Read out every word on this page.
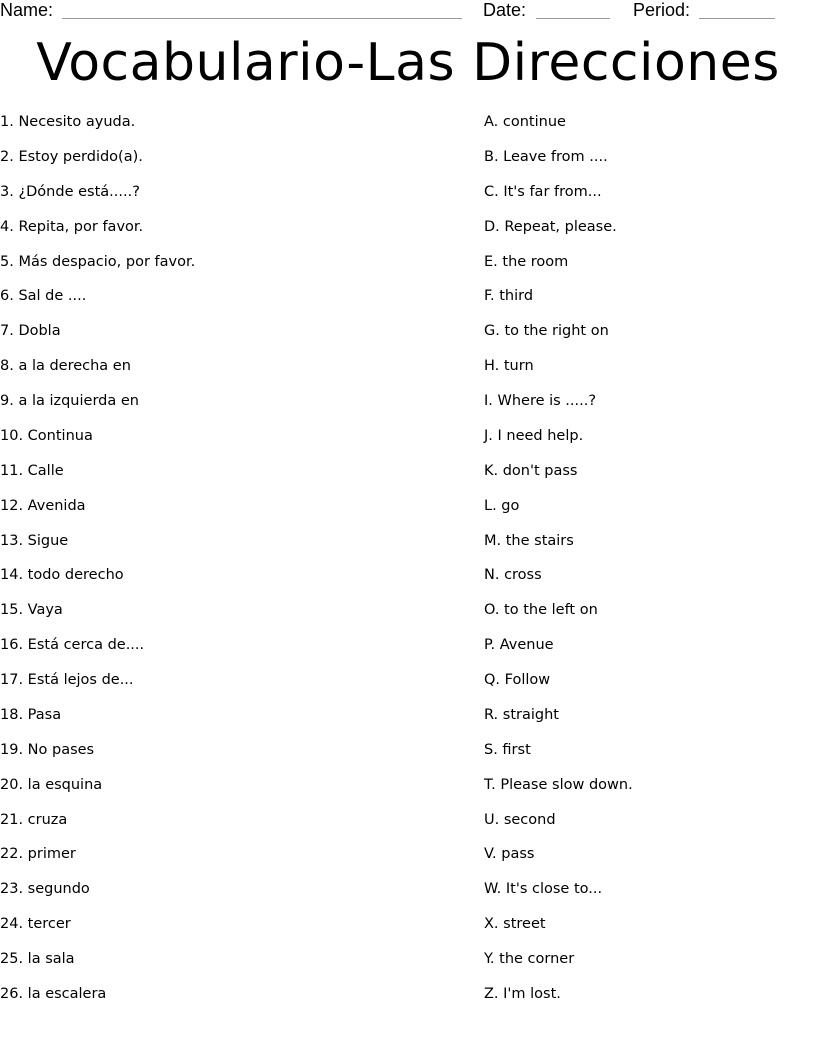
Name:	Date:	Period:
Vocabulario-Las Direcciones
1. Necesito ayuda.
2. Estoy perdido(a).
3. ¿Dónde está.....?
4. Repita, por favor.
5. Más despacio, por favor.
6. Sal de ....
7. Dobla
8. a la derecha en
9. a la izquierda en
10. Continua
11. Calle
12. Avenida
13. Sigue
14. todo derecho
15. Vaya
16. Está cerca de....
17. Está lejos de...
18. Pasa
19. No pases
20. la esquina
21. cruza
22. primer
23. segundo
24. tercer
25. la sala
26. la escalera
A. continue
B. Leave from ....
C. It's far from...
D. Repeat, please.
E. the room
F. third
G. to the right on
H. turn
I. Where is .....?
J. I need help.
K. don't pass
L. go
M. the stairs
N. cross
O. to the left on
P. Avenue
Q. Follow
R. straight
S. first
T. Please slow down.
U. second
V. pass
W. It's close to...
X. street
Y. the corner
Z. I'm lost.
